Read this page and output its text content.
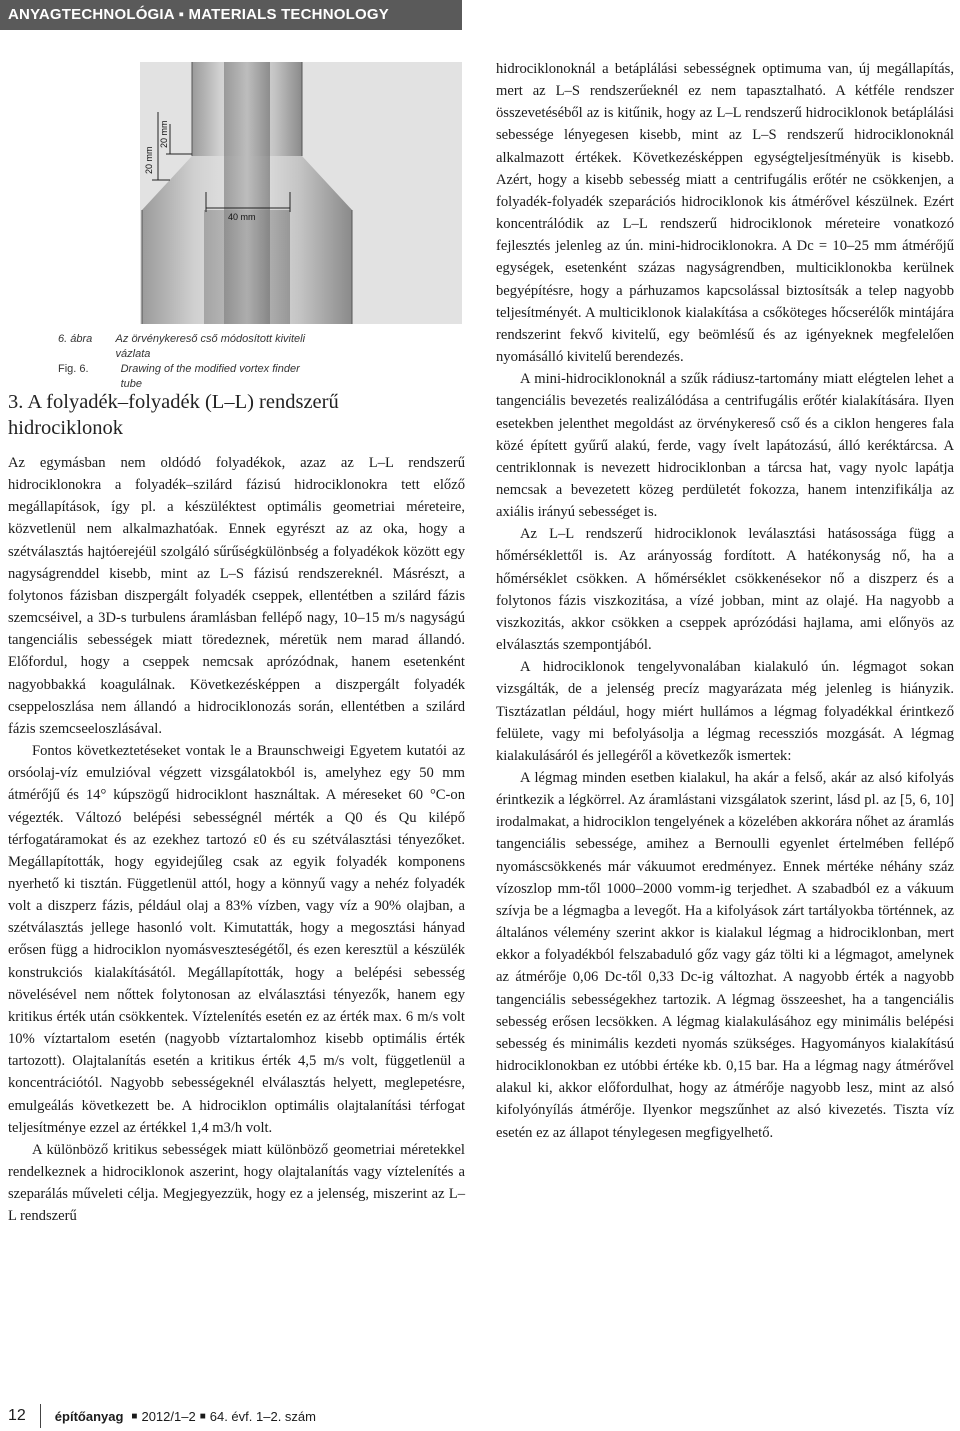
ANYAGTECHNOLÓGIA ▪ MATERIALS TECHNOLOGY
20 mm
20 mm
40 mm
6. ábra	Az örvénykereső cső módosított kiviteli vázlata
Fig. 6.	Drawing of the modified vortex finder tube
3. A folyadék–folyadék (L–L) rendszerű hidrociklonok

Az egymásban nem oldódó folyadékok, azaz az L–L rendszerű hidrociklonokra a folyadék–szilárd fázisú hidrociklonokra tett előző megállapítások, így pl. a készüléktest optimális geometriai méreteire, közvetlenül nem alkalmazhatóak. Ennek egyrészt az az oka, hogy a szétválasztás hajtóerejéül szolgáló sűrűségkülönbség a folyadékok között egy nagyságrenddel kisebb, mint az L–S fázisú rendszereknél. Másrészt, a folytonos fázisban diszpergált folyadék cseppek, ellentétben a szilárd fázis szemcséivel, a 3D-s turbulens áramlásban fellépő nagy, 10–15 m/s nagyságú tangenciális sebességek miatt töredeznek, méretük nem marad állandó. Előfordul, hogy a cseppek nemcsak aprózódnak, hanem esetenként nagyobbakká koagulálnak. Következésképpen a diszpergált folyadék cseppeloszlása nem állandó a hidrociklonozás során, ellentétben a szilárd fázis szemcseeloszlásával.

Fontos következtetéseket vontak le a Braunschweigi Egyetem kutatói az orsóolaj-víz emulzióval végzett vizsgálatokból is, amelyhez egy 50 mm átmérőjű és 14° kúpszögű hidrociklont használtak. A méreseket 60 °C-on végezték. Változó belépési sebességnél mérték a Q0 és Qu kilépő térfogatáramokat és az ezekhez tartozó ε0 és εu szétválasztási tényezőket. Megállapították, hogy egyidejűleg csak az egyik folyadék komponens nyerhető ki tisztán. Függetlenül attól, hogy a könnyű vagy a nehéz folyadék volt a diszperz fázis, például olaj a 83% vízben, vagy víz a 90% olajban, a szétválasztás jellege hasonló volt. Kimutatták, hogy a megosztási hányad erősen függ a hidrociklon nyomásveszteségétől, és ezen keresztül a készülék konstrukciós kialakításától. Megállapították, hogy a belépési sebesség növelésével nem nőttek folytonosan az elválasztási tényezők, hanem egy kritikus érték után csökkentek. Víztelenítés esetén ez az érték max. 6 m/s volt 10% víztartalom esetén (nagyobb víztartalomhoz kisebb optimális érték tartozott). Olajtalanítás esetén a kritikus érték 4,5 m/s volt, függetlenül a koncentrációtól. Nagyobb sebességeknél elválasztás helyett, meglepetésre, emulgeálás következett be. A hidrociklon optimális olajtalanítási térfogat teljesítménye ezzel az értékkel 1,4 m3/h volt.

A különböző kritikus sebességek miatt különböző geometriai méretekkel rendelkeznek a hidrociklonok aszerint, hogy olajtalanítás vagy víztelenítés a szeparálás műveleti célja. Megjegyezzük, hogy ez a jelenség, miszerint az L–L rendszerű

hidrociklonoknál a betáplálási sebességnek optimuma van, új megállapítás, mert az L–S rendszerűeknél ez nem tapasztalható. A kétféle rendszer összevetéséből az is kitűnik, hogy az L–L rendszerű hidrociklonok betáplálási sebessége lényegesen kisebb, mint az L–S rendszerű hidrociklonoknál alkalmazott értékek. Következésképpen egységteljesítményük is kisebb. Azért, hogy a kisebb sebesség miatt a centrifugális erőtér ne csökkenjen, a folyadék-folyadék szeparációs hidrociklonok kis átmérővel készülnek. Ezért koncentrálódik az L–L rendszerű hidrociklonok méreteire vonatkozó fejlesztés jelenleg az ún. mini-hidrociklonokra. A Dc = 10–25 mm átmérőjű egységek, esetenként százas nagyságrendben, multiciklonokba kerülnek begyépítésre, hogy a párhuzamos kapcsolással biztosítsák a telep nagyobb teljesítményét. A multiciklonok kialakítása a csőköteges hőcserélők mintájára rendszerint fekvő kivitelű, egy beömlésű és az igényeknek megfelelően nyomásálló kivitelű berendezés.

A mini-hidrociklonoknál a szűk rádiusz-tartomány miatt elégtelen lehet a tangenciális bevezetés realizálódása a centrifugális erőtér kialakítására. Ilyen esetekben jelenthet megoldást az örvénykereső cső és a ciklon hengeres fala közé épített gyűrű alakú, ferde, vagy ívelt lapátozású, álló keréktárcsa. A centriklonnak is nevezett hidrociklonban a tárcsa hat, vagy nyolc lapátja nemcsak a bevezetett közeg perdületét fokozza, hanem intenzifikálja az axiális irányú sebességet is.

Az L–L rendszerű hidrociklonok leválasztási hatásossága függ a hőmérséklettől is. Az arányosság fordított. A hatékonyság nő, ha a hőmérséklet csökken. A hőmérséklet csökkenésekor nő a diszperz és a folytonos fázis viszkozitása, a vízé jobban, mint az olajé. Ha nagyobb a viszkozitás, akkor csökken a cseppek aprózódási hajlama, ami előnyös az elválasztás szempontjából.

A hidrociklonok tengelyvonalában kialakuló ún. légmagot sokan vizsgálták, de a jelenség precíz magyarázata még jelenleg is hiányzik. Tisztázatlan például, hogy miért hullámos a légmag folyadékkal érintkező felülete, vagy mi befolyásolja a légmag recessziós mozgását. A légmag kialakulásáról és jellegéről a következők ismertek:

A légmag minden esetben kialakul, ha akár a felső, akár az alsó kifolyás érintkezik a légkörrel. Az áramlástani vizsgálatok szerint, lásd pl. az [5, 6, 10] irodalmakat, a hidrociklon tengelyének a közelében akkorára nőhet az áramlás tangenciális sebessége, amihez a Bernoulli egyenlet értelmében fellépő nyomáscsökkenés már vákuumot eredményez. Ennek mértéke néhány száz vízoszlop mm-től 1000–2000 vomm-ig terjedhet. A szabadból ez a vákuum szívja be a légmagba a levegőt. Ha a kifolyások zárt tartályokba történnek, az általános vélemény szerint akkor is kialakul légmag a hidrociklonban, mert ekkor a folyadékból felszabaduló gőz vagy gáz tölti ki a légmagot, amelynek az átmérője 0,06 Dc-től 0,33 Dc-ig változhat. A nagyobb érték a nagyobb tangenciális sebességekhez tartozik. A légmag összeeshet, ha a tangenciális sebesség erősen lecsökken. A légmag kialakulásához egy minimális belépési sebesség és minimális kezdeti nyomás szükséges. Hagyományos kialakítású hidrociklonokban ez utóbbi értéke kb. 0,15 bar. Ha a légmag nagy átmérővel alakul ki, akkor előfordulhat, hogy az átmérője nagyobb lesz, mint az alsó kifolyónyílás átmérője. Ilyenkor megszűnhet az alsó kivezetés. Tiszta víz esetén ez az állapot ténylegesen megfigyelhető.

12 építőanyag ■ 2012/1–2 ■ 64. évf. 1–2. szám
